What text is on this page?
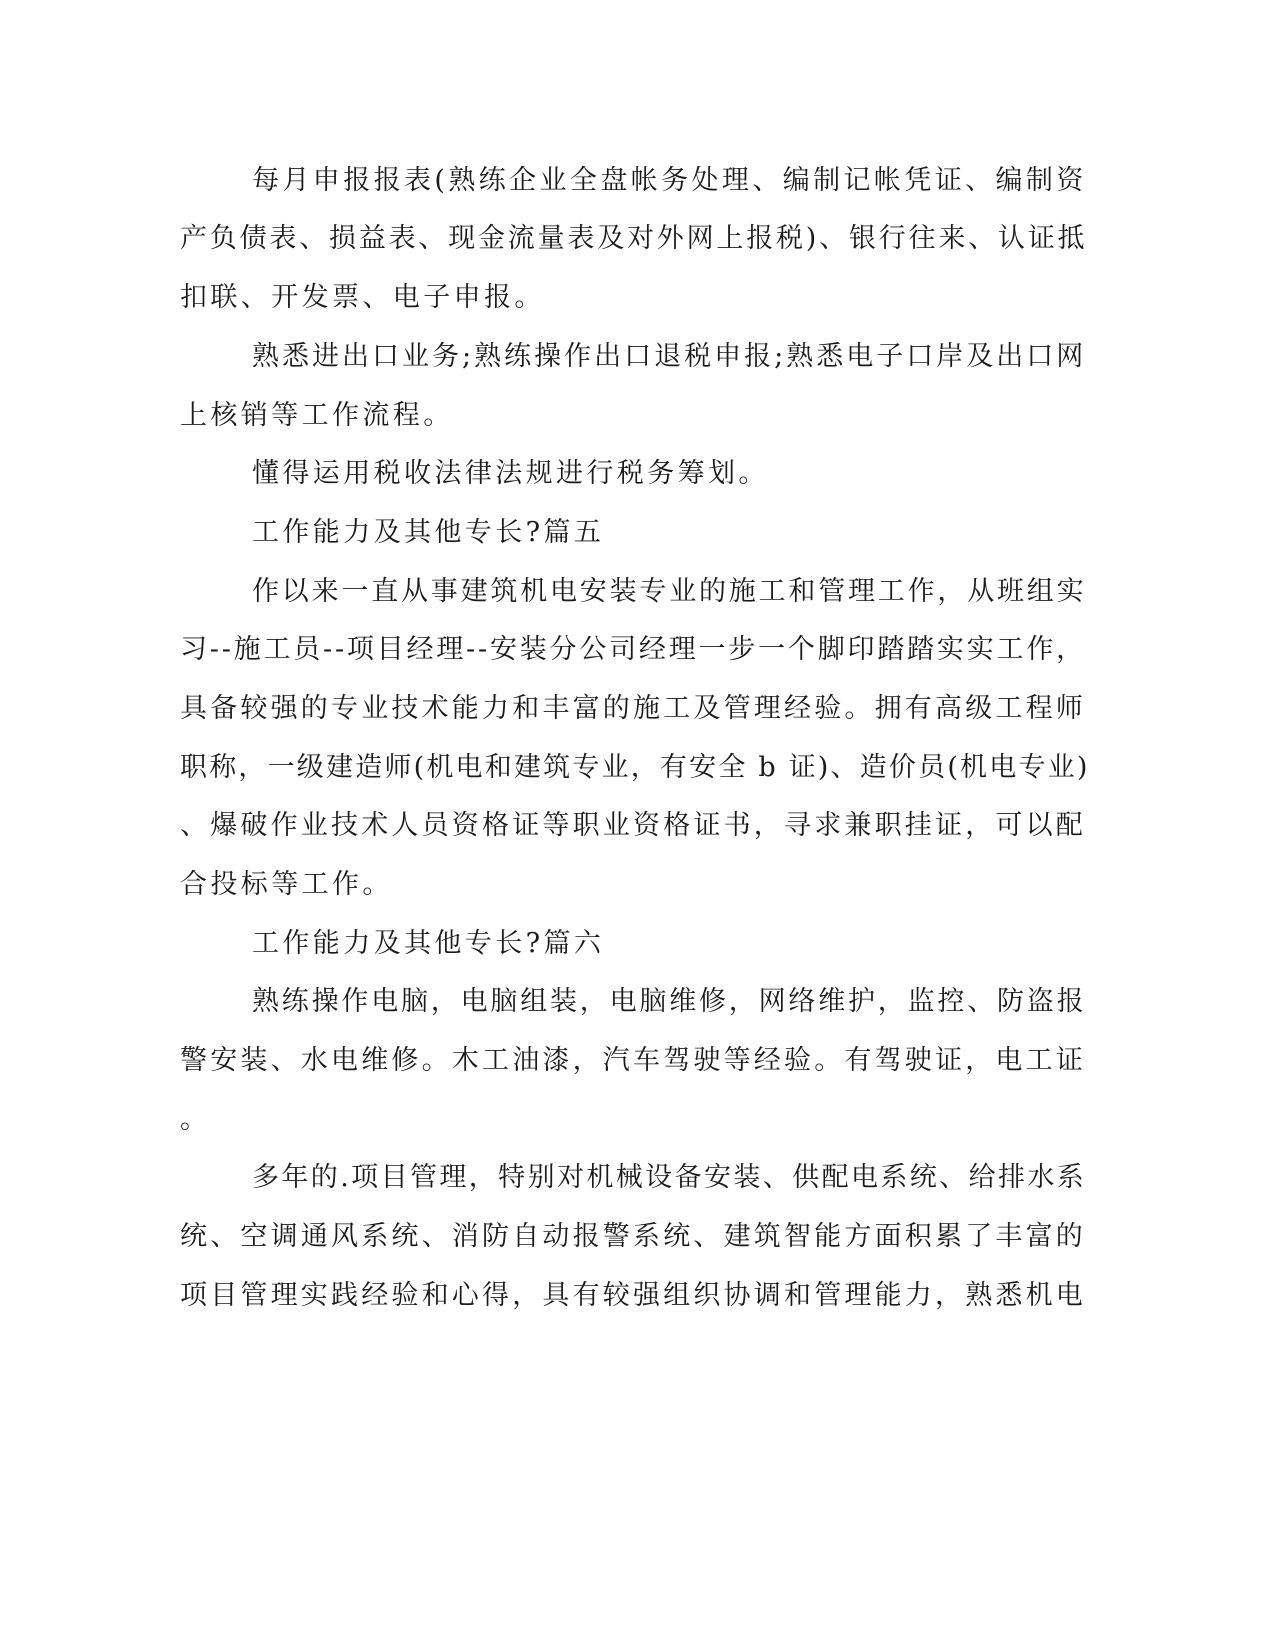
每月申报报表(熟练企业全盘帐务处理、编制记帐凭证、编制资
产负债表、损益表、现金流量表及对外网上报税)、银行往来、认证抵
扣联、开发票、电子申报。
熟悉进出口业务;熟练操作出口退税申报;熟悉电子口岸及出口网
上核销等工作流程。
懂得运用税收法律法规进行税务筹划。
工作能力及其他专长?篇五
作以来一直从事建筑机电安装专业的施工和管理工作，从班组实
习--施工员--项目经理--安装分公司经理一步一个脚印踏踏实实工作，
具备较强的专业技术能力和丰富的施工及管理经验。拥有高级工程师
职称，一级建造师(机电和建筑专业，有安全 b 证)、造价员(机电专业)
、爆破作业技术人员资格证等职业资格证书，寻求兼职挂证，可以配
合投标等工作。
工作能力及其他专长?篇六
熟练操作电脑，电脑组装，电脑维修，网络维护，监控、防盗报
警安装、水电维修。木工油漆，汽车驾驶等经验。有驾驶证，电工证
。
多年的.项目管理，特别对机械设备安装、供配电系统、给排水系
统、空调通风系统、消防自动报警系统、建筑智能方面积累了丰富的
项目管理实践经验和心得，具有较强组织协调和管理能力，熟悉机电
